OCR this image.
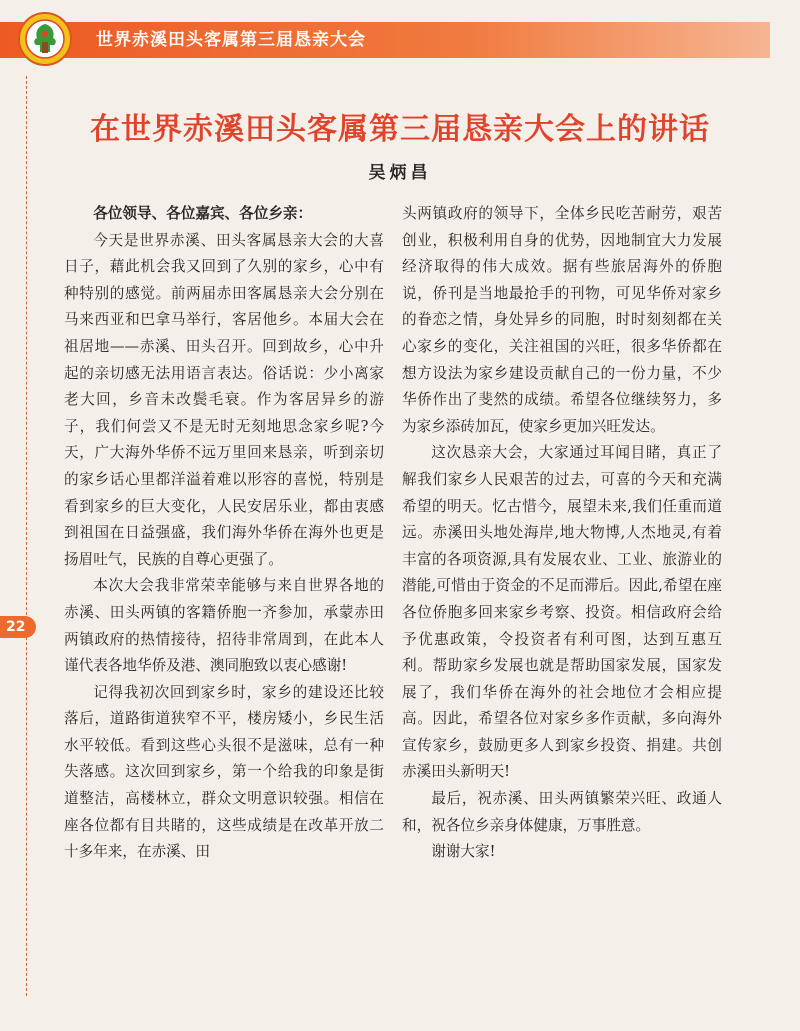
世界赤溪田头客属第三届恳亲大会
22
在世界赤溪田头客属第三届恳亲大会上的讲话
吴炳昌

各位领导、各位嘉宾、各位乡亲：

今天是世界赤溪、田头客属恳亲大会的大喜日子，藉此机会我又回到了久别的家乡，心中有种特别的感觉。前两届赤田客属恳亲大会分别在马来西亚和巴拿马举行，客居他乡。本届大会在祖居地——赤溪、田头召开。回到故乡，心中升起的亲切感无法用语言表达。俗话说：少小离家老大回，乡音未改鬓毛衰。作为客居异乡的游子，我们何尝又不是无时无刻地思念家乡呢?今天，广大海外华侨不远万里回来恳亲，听到亲切的家乡话心里都洋溢着难以形容的喜悦，特别是看到家乡的巨大变化，人民安居乐业，都由衷感到祖国在日益强盛，我们海外华侨在海外也更是扬眉吐气，民族的自尊心更强了。

本次大会我非常荣幸能够与来自世界各地的赤溪、田头两镇的客籍侨胞一齐参加，承蒙赤田两镇政府的热情接待，招待非常周到，在此本人谨代表各地华侨及港、澳同胞致以衷心感谢!

记得我初次回到家乡时，家乡的建设还比较落后，道路街道狭窄不平，楼房矮小，乡民生活水平较低。看到这些心头很不是滋味，总有一种失落感。这次回到家乡，第一个给我的印象是街道整洁，高楼林立，群众文明意识较强。相信在座各位都有目共睹的，这些成绩是在改革开放二十多年来，在赤溪、田

头两镇政府的领导下，全体乡民吃苦耐劳，艰苦创业，积极利用自身的优势，因地制宜大力发展经济取得的伟大成效。据有些旅居海外的侨胞说，侨刊是当地最抢手的刊物，可见华侨对家乡的眷恋之情，身处异乡的同胞，时时刻刻都在关心家乡的变化，关注祖国的兴旺，很多华侨都在想方设法为家乡建设贡献自己的一份力量，不少华侨作出了斐然的成绩。希望各位继续努力，多为家乡添砖加瓦，使家乡更加兴旺发达。

这次恳亲大会，大家通过耳闻目睹，真正了解我们家乡人民艰苦的过去，可喜的今天和充满希望的明天。忆古惜今，展望未来,我们任重而道远。赤溪田头地处海岸,地大物博,人杰地灵,有着丰富的各项资源,具有发展农业、工业、旅游业的潜能,可惜由于资金的不足而滞后。因此,希望在座各位侨胞多回来家乡考察、投资。相信政府会给予优惠政策，令投资者有利可图，达到互惠互利。帮助家乡发展也就是帮助国家发展，国家发展了，我们华侨在海外的社会地位才会相应提高。因此，希望各位对家乡多作贡献，多向海外宣传家乡，鼓励更多人到家乡投资、捐建。共创赤溪田头新明天!

最后，祝赤溪、田头两镇繁荣兴旺、政通人和，祝各位乡亲身体健康，万事胜意。

谢谢大家!
